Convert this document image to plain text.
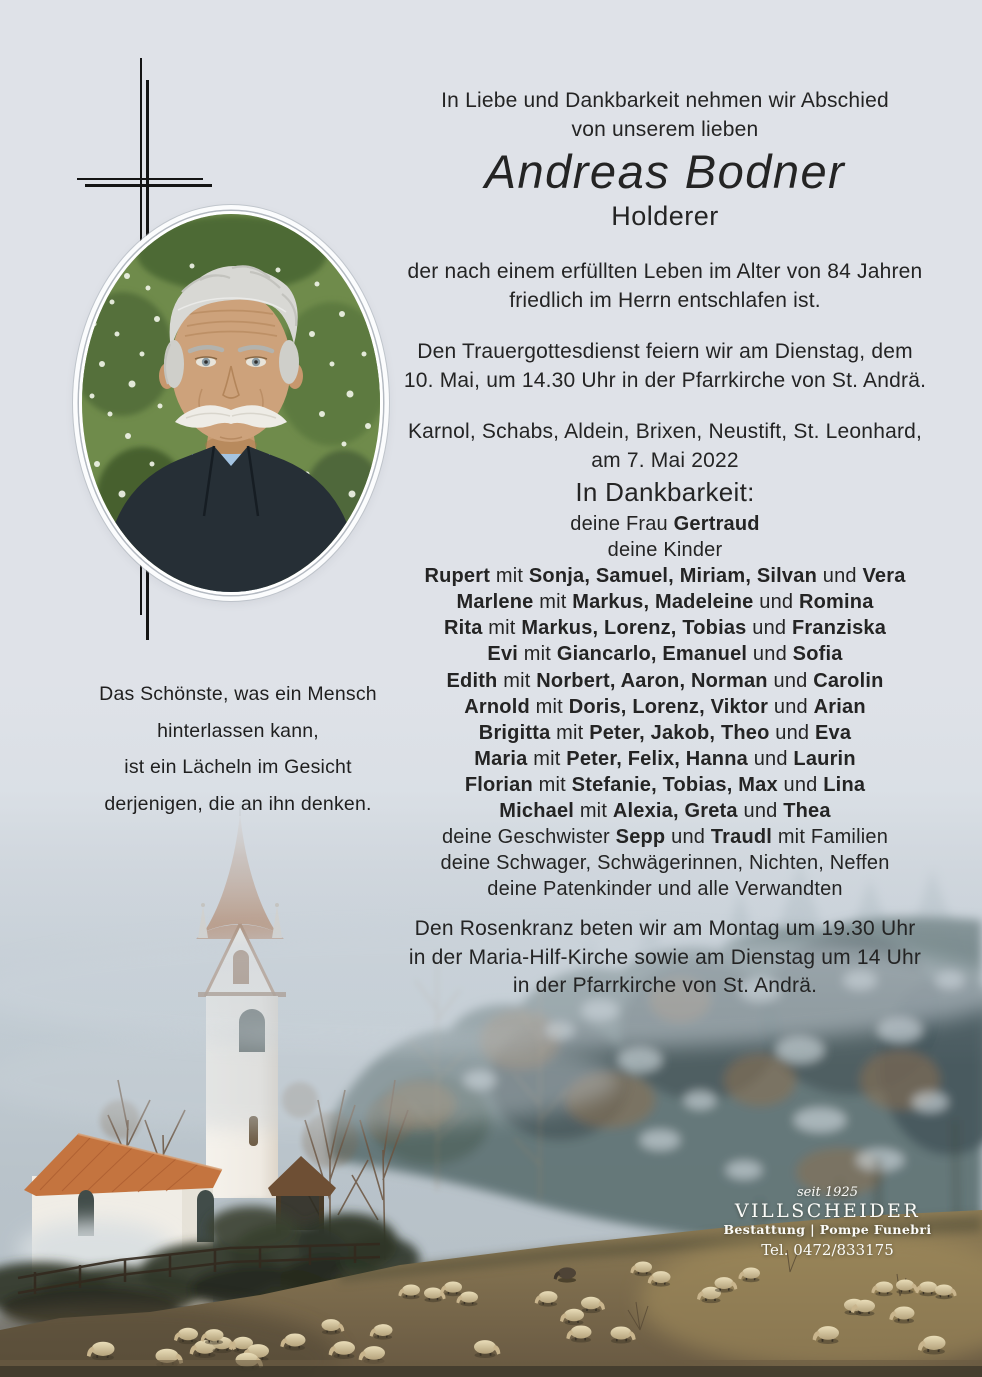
Das Schönste, was ein Mensch
hinterlassen kann,
ist ein Lächeln im Gesicht
derjenigen, die an ihn denken.
In Liebe und Dankbarkeit nehmen wir Abschied
von unserem lieben
Andreas Bodner
Holderer
der nach einem erfüllten Leben im Alter von 84 Jahren
friedlich im Herrn entschlafen ist.
Den Trauergottesdienst feiern wir am Dienstag, dem
10. Mai, um 14.30 Uhr in der Pfarrkirche von St. Andrä.
Karnol, Schabs, Aldein, Brixen, Neustift, St. Leonhard,
am 7. Mai 2022
In Dankbarkeit:
deine Frau Gertraud
deine Kinder
Rupert mit Sonja, Samuel, Miriam, Silvan und Vera
Marlene mit Markus, Madeleine und Romina
Rita mit Markus, Lorenz, Tobias und Franziska
Evi mit Giancarlo, Emanuel und Sofia
Edith mit Norbert, Aaron, Norman und Carolin
Arnold mit Doris, Lorenz, Viktor und Arian
Brigitta mit Peter, Jakob, Theo und Eva
Maria mit Peter, Felix, Hanna und Laurin
Florian mit Stefanie, Tobias, Max und Lina
Michael mit Alexia, Greta und Thea
deine Geschwister Sepp und Traudl mit Familien
deine Schwager, Schwägerinnen, Nichten, Neffen
deine Patenkinder und alle Verwandten
Den Rosenkranz beten wir am Montag um 19.30 Uhr
in der Maria-Hilf-Kirche sowie am Dienstag um 14 Uhr
in der Pfarrkirche von St. Andrä.
seit 1925
VILLSCHEIDER
Bestattung | Pompe Funebri
Tel. 0472/833175
